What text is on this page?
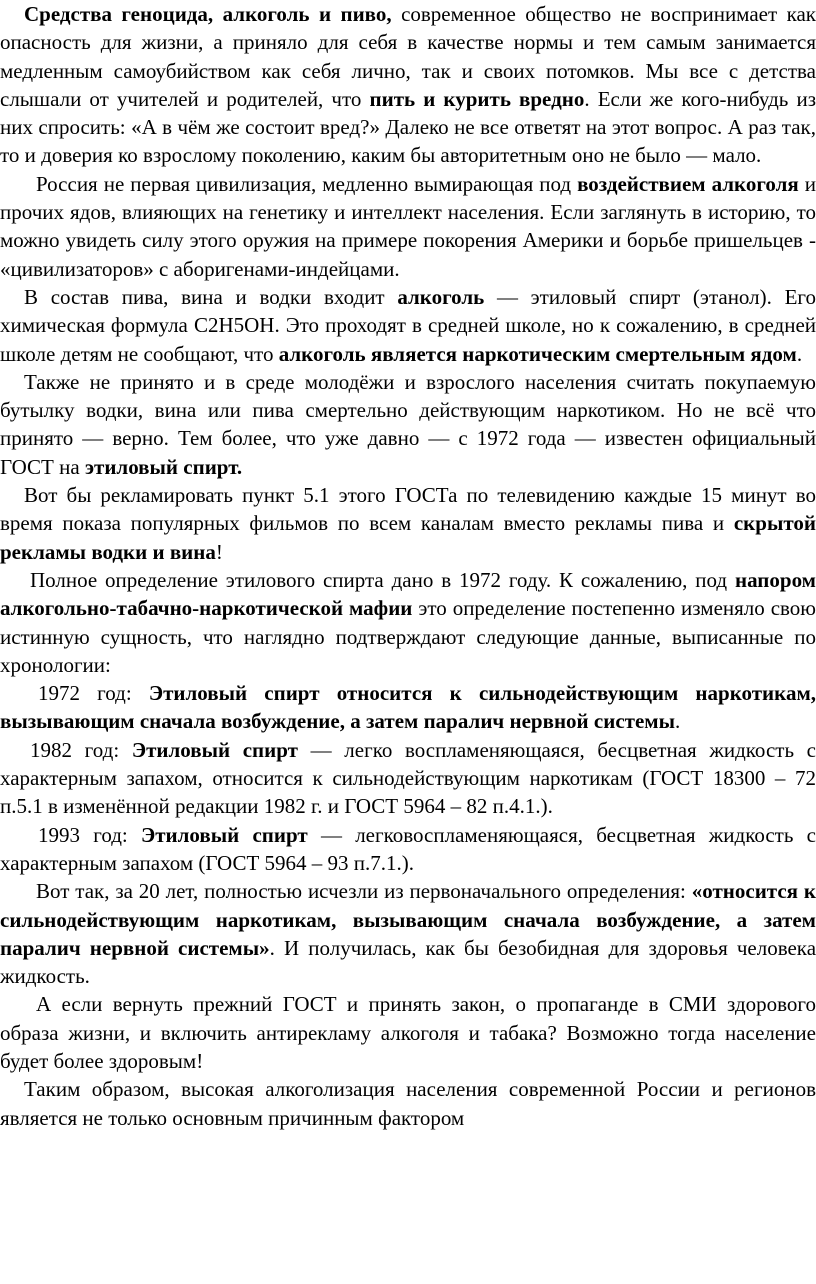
Средства геноцида, алкоголь и пиво, современное общество не воспринимает как опасность для жизни, а приняло для себя в качестве нормы и тем самым занимается медленным самоубийством как себя лично, так и своих потомков. Мы все с детства слышали от учителей и родителей, что пить и курить вредно. Если же кого-нибудь из них спросить: «А в чём же состоит вред?» Далеко не все ответят на этот вопрос. А раз так, то и доверия ко взрослому поколению, каким бы авторитетным оно не было — мало.

Россия не первая цивилизация, медленно вымирающая под воздействием алкоголя и прочих ядов, влияющих на генетику и интеллект населения. Если заглянуть в историю, то можно увидеть силу этого оружия на примере покорения Америки и борьбе пришельцев - «цивилизаторов» с аборигенами-индейцами.

В состав пива, вина и водки входит алкоголь — этиловый спирт (этанол). Его химическая формула С2Н5ОН. Это проходят в средней школе, но к сожалению, в средней школе детям не сообщают, что алкоголь является наркотическим смертельным ядом.

Также не принято и в среде молодёжи и взрослого населения считать покупаемую бутылку водки, вина или пива смертельно действующим наркотиком. Но не всё что принято — верно. Тем более, что уже давно — с 1972 года — известен официальный ГОСТ на этиловый спирт.

Вот бы рекламировать пункт 5.1 этого ГОСТа по телевидению каждые 15 минут во время показа популярных фильмов по всем каналам вместо рекламы пива и скрытой рекламы водки и вина!

Полное определение этилового спирта дано в 1972 году. К сожалению, под напором алкогольно-табачно-наркотической мафии это определение постепенно изменяло свою истинную сущность, что наглядно подтверждают следующие данные, выписанные по хронологии:

1972 год: Этиловый спирт относится к сильнодействующим наркотикам, вызывающим сначала возбуждение, а затем паралич нервной системы.

1982 год: Этиловый спирт — легко воспламеняющаяся, бесцветная жидкость с характерным запахом, относится к сильнодействующим наркотикам (ГОСТ 18300 – 72 п.5.1 в изменённой редакции 1982 г. и ГОСТ 5964 – 82 п.4.1.).

1993 год: Этиловый спирт — легковоспламеняющаяся, бесцветная жидкость с характерным запахом (ГОСТ 5964 – 93 п.7.1.).

Вот так, за 20 лет, полностью исчезли из первоначального определения: «относится к сильнодействующим наркотикам, вызывающим сначала возбуждение, а затем паралич нервной системы». И получилась, как бы безобидная для здоровья человека жидкость.

А если вернуть прежний ГОСТ и принять закон, о пропаганде в СМИ здорового образа жизни, и включить антирекламу алкоголя и табака? Возможно тогда население будет более здоровым!

Таким образом, высокая алкоголизация населения современной России и регионов является не только основным причинным фактором
